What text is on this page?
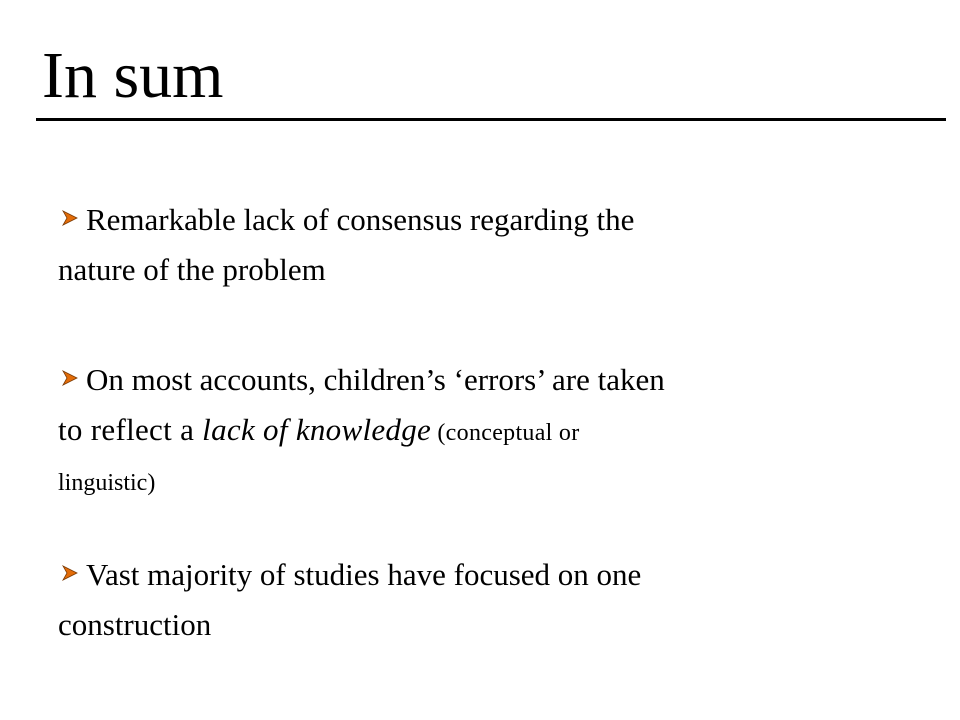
In sum
Remarkable lack of consensus regarding the
nature of the problem
On most accounts, children’s ‘errors’ are taken
to reflect a lack of knowledge (conceptual or
linguistic)
Vast majority of studies have focused on one
construction
